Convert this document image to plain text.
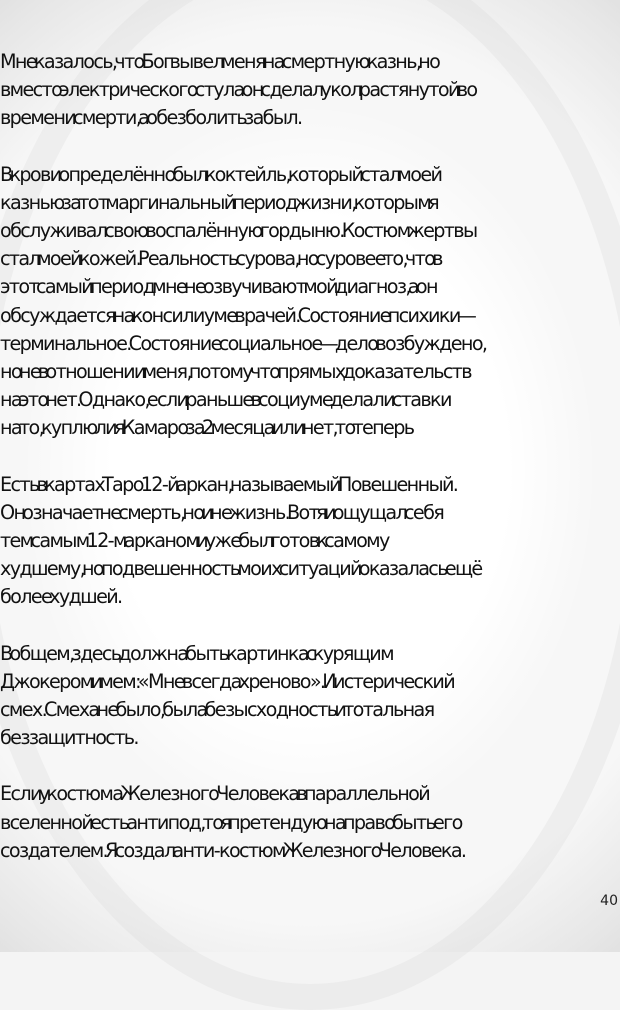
Мне казалось, что Бог вывел меня на смертную казнь, но
вместо электрического стула он сделал укол растянутой во
времени смерти, а обезболить забыл.

В крови определённо был коктейль, который стал моей
казнью за тот маргинальный период жизни, которым я
обслуживал свою воспалённую гордыню. Костюм жертвы
стал моей кожей. Реальность сурова, но суровее то, что в
этот самый период мне не озвучивают мой диагноз, а он
обсуждается на консилиуме врачей. Состояние психики —
терминальное. Состояние социальное — дело возбуждено,
но не в отношении меня, потому что прямых доказательств
на это нет. Однако, если раньше в социуме делали ставки
на то, куплю ли я Камаро за 2 месяца или нет, то теперь

Есть в картах Таро 12-й аркан, называемый Повешенный.
Он означает не смерть, но и не жизнь. Вот я и ощущал себя
тем самым 12-м арканом и уже был готов к самому
худшему, но подвешенность моих ситуаций оказалась ещё
более худшей.

В общем, здесь должна быть картинка с курящим
Джокером и мем: «Мне всегда хреново». И истерический
смех. Смеха не было, была безысходность и тотальная
беззащитность.

Если у костюма Железного Человека в параллельной
вселенной есть антипод, то я претендую на право быть его
создателем. Я создал анти-костюм Железного Человека.

40
